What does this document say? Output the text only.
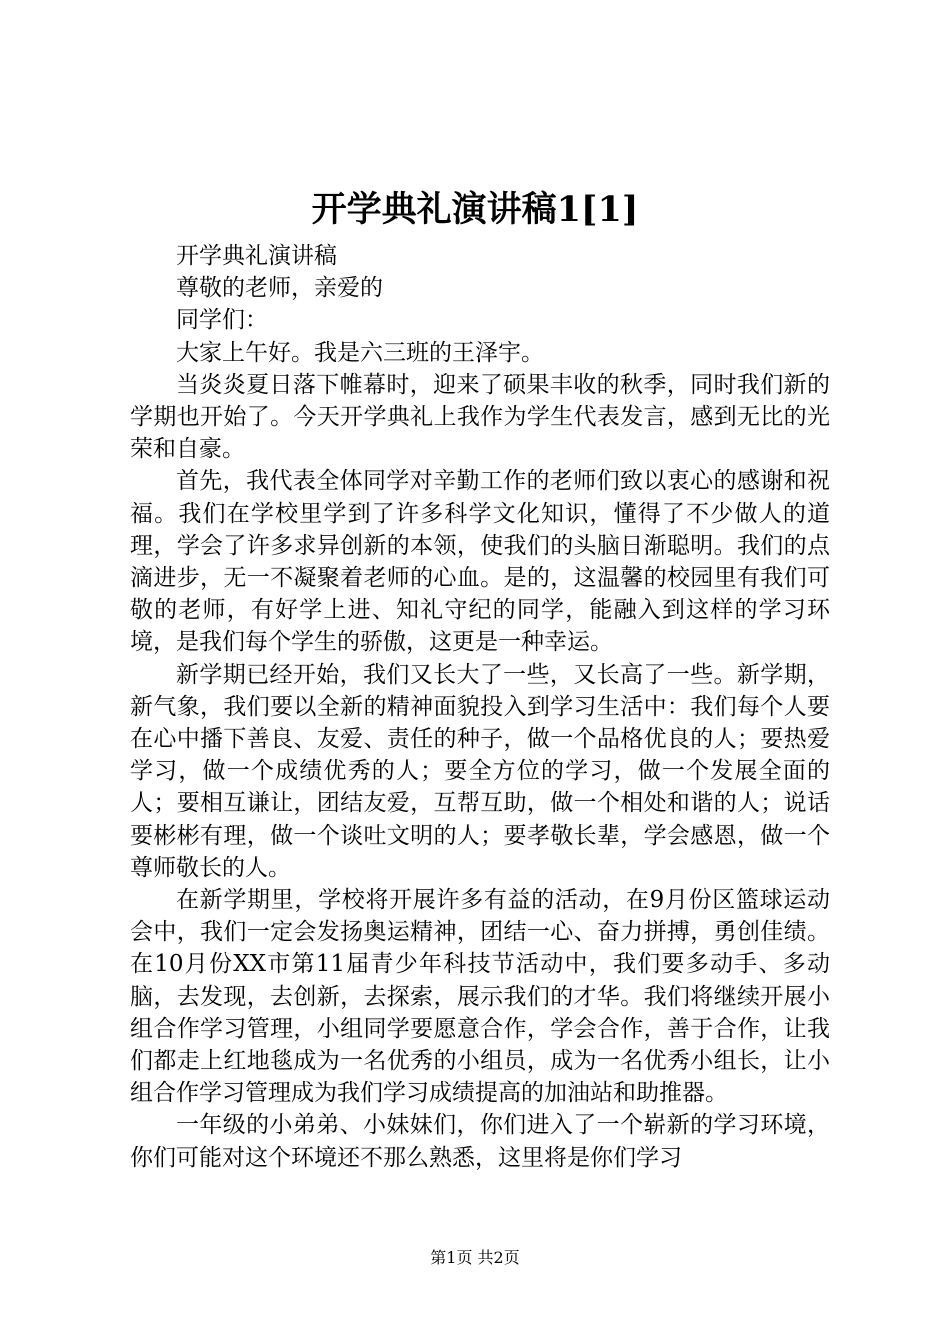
开学典礼演讲稿1[1]

开学典礼演讲稿

尊敬的老师，亲爱的

同学们：

大家上午好。我是六三班的王泽宇。

当炎炎夏日落下帷幕时，迎来了硕果丰收的秋季，同时我们新的学期也开始了。今天开学典礼上我作为学生代表发言，感到无比的光荣和自豪。

首先，我代表全体同学对辛勤工作的老师们致以衷心的感谢和祝福。我们在学校里学到了许多科学文化知识，懂得了不少做人的道理，学会了许多求异创新的本领，使我们的头脑日渐聪明。我们的点滴进步，无一不凝聚着老师的心血。是的，这温馨的校园里有我们可敬的老师，有好学上进、知礼守纪的同学，能融入到这样的学习环境，是我们每个学生的骄傲，这更是一种幸运。

新学期已经开始，我们又长大了一些，又长高了一些。新学期，新气象，我们要以全新的精神面貌投入到学习生活中：我们每个人要在心中播下善良、友爱、责任的种子，做一个品格优良的人；要热爱学习，做一个成绩优秀的人；要全方位的学习，做一个发展全面的人；要相互谦让，团结友爱，互帮互助，做一个相处和谐的人；说话要彬彬有理，做一个谈吐文明的人；要孝敬长辈，学会感恩，做一个尊师敬长的人。

在新学期里，学校将开展许多有益的活动，在9月份区篮球运动会中，我们一定会发扬奥运精神，团结一心、奋力拼搏，勇创佳绩。在10月份XX市第11届青少年科技节活动中，我们要多动手、多动脑，去发现，去创新，去探索，展示我们的才华。我们将继续开展小组合作学习管理，小组同学要愿意合作，学会合作，善于合作，让我们都走上红地毯成为一名优秀的小组员，成为一名优秀小组长，让小组合作学习管理成为我们学习成绩提高的加油站和助推器。

一年级的小弟弟、小妹妹们，你们进入了一个崭新的学习环境，你们可能对这个环境还不那么熟悉，这里将是你们学习

第1页 共2页
